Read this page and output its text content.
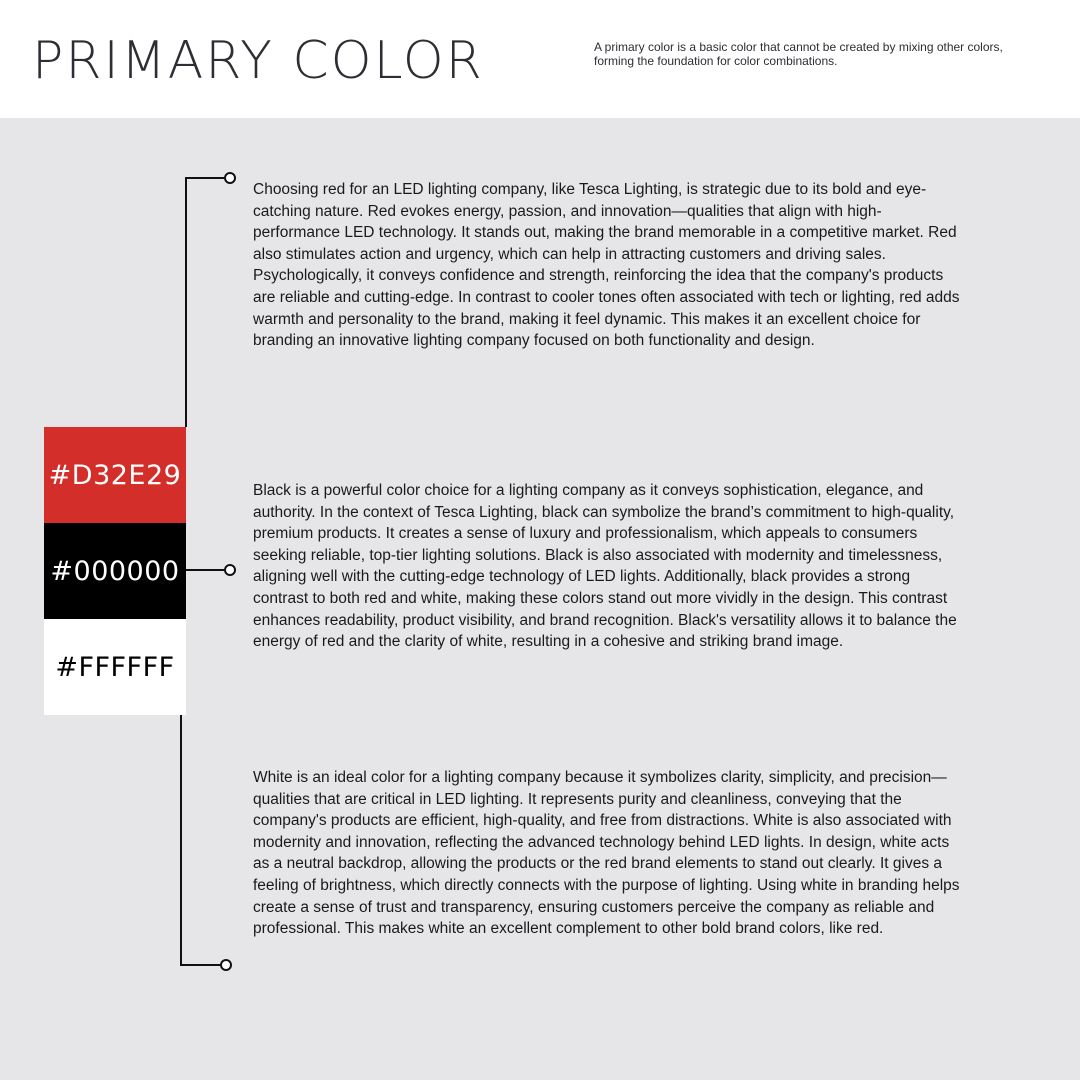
PRIMARY COLOR	A primary color is a basic color that cannot be created by mixing other colors, forming the foundation for color combinations.
#D32E29
#000000
#FFFFFF

Choosing red for an LED lighting company, like Tesca Lighting, is strategic due to its bold and eye-catching nature. Red evokes energy, passion, and innovation—qualities that align with high-performance LED technology. It stands out, making the brand memorable in a competitive market. Red also stimulates action and urgency, which can help in attracting customers and driving sales. Psychologically, it conveys confidence and strength, reinforcing the idea that the company's products are reliable and cutting-edge. In contrast to cooler tones often associated with tech or lighting, red adds warmth and personality to the brand, making it feel dynamic. This makes it an excellent choice for branding an innovative lighting company focused on both functionality and design.

Black is a powerful color choice for a lighting company as it conveys sophistication, elegance, and authority. In the context of Tesca Lighting, black can symbolize the brand’s commitment to high-quality, premium products. It creates a sense of luxury and professionalism, which appeals to consumers seeking reliable, top-tier lighting solutions. Black is also associated with modernity and timelessness, aligning well with the cutting-edge technology of LED lights. Additionally, black provides a strong contrast to both red and white, making these colors stand out more vividly in the design. This contrast enhances readability, product visibility, and brand recognition. Black's versatility allows it to balance the energy of red and the clarity of white, resulting in a cohesive and striking brand image.

White is an ideal color for a lighting company because it symbolizes clarity, simplicity, and precision—qualities that are critical in LED lighting. It represents purity and cleanliness, conveying that the company's products are efficient, high-quality, and free from distractions. White is also associated with modernity and innovation, reflecting the advanced technology behind LED lights. In design, white acts as a neutral backdrop, allowing the products or the red brand elements to stand out clearly. It gives a feeling of brightness, which directly connects with the purpose of lighting. Using white in branding helps create a sense of trust and transparency, ensuring customers perceive the company as reliable and professional. This makes white an excellent complement to other bold brand colors, like red.
